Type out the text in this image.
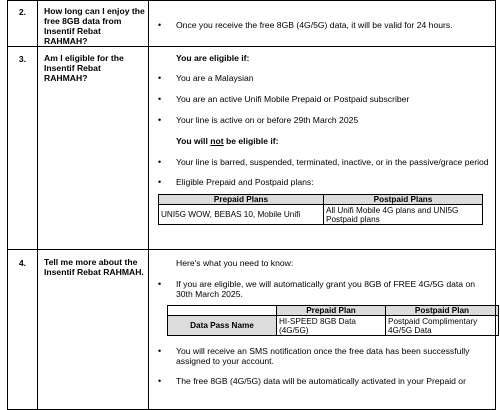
2.	How long can I enjoy the free 8GB data from Insentif Rebat RAHMAH?	

• Once you receive the free 8GB (4G/5G) data, it will be valid for 24 hours.

3.	Am I eligible for the Insentif Rebat RAHMAH?	

You are eligible if:

• You are a Malaysian

• You are an active Unifi Mobile Prepaid or Postpaid subscriber

• Your line is active on or before 29th March 2025

You will not be eligible if:

• Your line is barred, suspended, terminated, inactive, or in the passive/grace period

• Eligible Prepaid and Postpaid plans:

Prepaid Plans	Postpaid Plans
UNI5G WOW, BEBAS 10, Mobile Unifi	All Unifi Mobile 4G plans and UNI5G Postpaid plans

4.	Tell me more about the Insentif Rebat RAHMAH.	

Here's what you need to know:

• If you are eligible, we will automatically grant you 8GB of FREE 4G/5G data on 30th March 2025.

	Prepaid Plan	Postpaid Plan
Data Pass Name	HI-SPEED 8GB Data (4G/5G)	Postpaid Complimentary 4G/5G Data

• You will receive an SMS notification once the free data has been successfully assigned to your account.

• The free 8GB (4G/5G) data will be automatically activated in your Prepaid or
